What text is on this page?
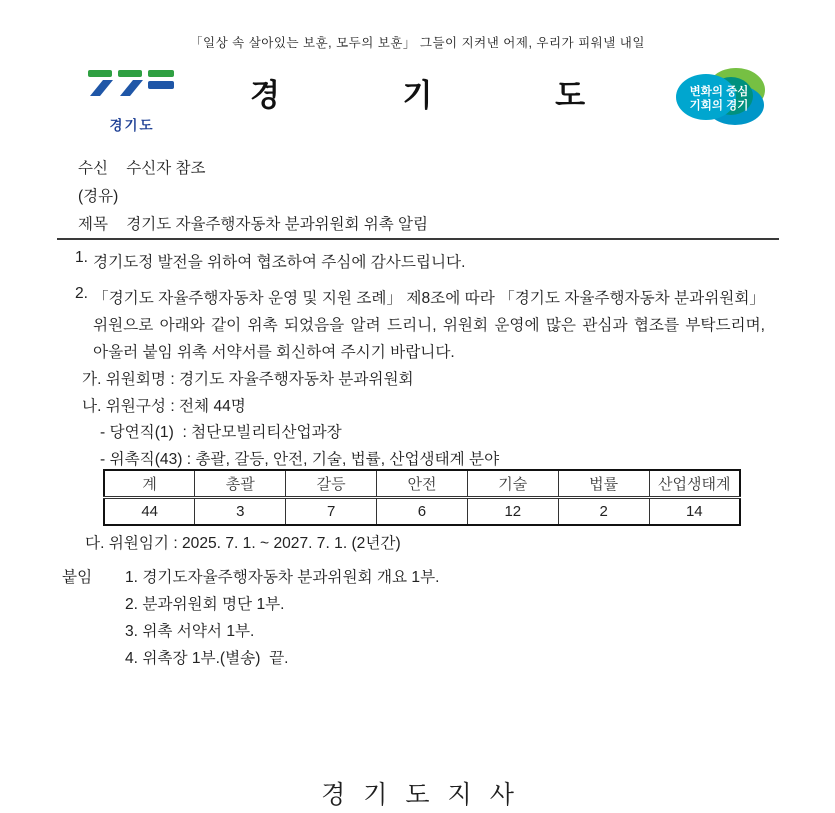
「일상 속 살아있는 보훈, 모두의 보훈」 그들이 지켜낸 어제, 우리가 피워낼 내일
경기도
경 기 도	변화의 중심
기회의 경기
수신 수신자 참조
(경유)
제목 경기도 자율주행자동차 분과위원회 위촉 알림
1. 경기도정 발전을 위하여 협조하여 주심에 감사드립니다.
2. 「경기도 자율주행자동차 운영 및 지원 조례」 제8조에 따라 「경기도 자율주행자동차 분과위원회」 위원으로 아래와 같이 위촉 되었음을 알려 드리니, 위원회 운영에 많은 관심과 협조를 부탁드리며, 아울러 붙임 위촉 서약서를 회신하여 주시기 바랍니다.
가. 위원회명 : 경기도 자율주행자동차 분과위원회
나. 위원구성 : 전체 44명
- 당연직(1)  : 첨단모빌리티산업과장
- 위촉직(43) : 총괄, 갈등, 안전, 기술, 법률, 산업생태계 분야
계	총괄	갈등	안전	기술	법률	산업생태계
44	3	7	6	12	2	14
다. 위원임기 : 2025. 7. 1. ~ 2027. 7. 1. (2년간)
붙임	1. 경기도자율주행자동차 분과위원회 개요 1부.
2. 분과위원회 명단 1부.
3. 위촉 서약서 1부.
4. 위촉장 1부.(별송)  끝.
경기도지사
